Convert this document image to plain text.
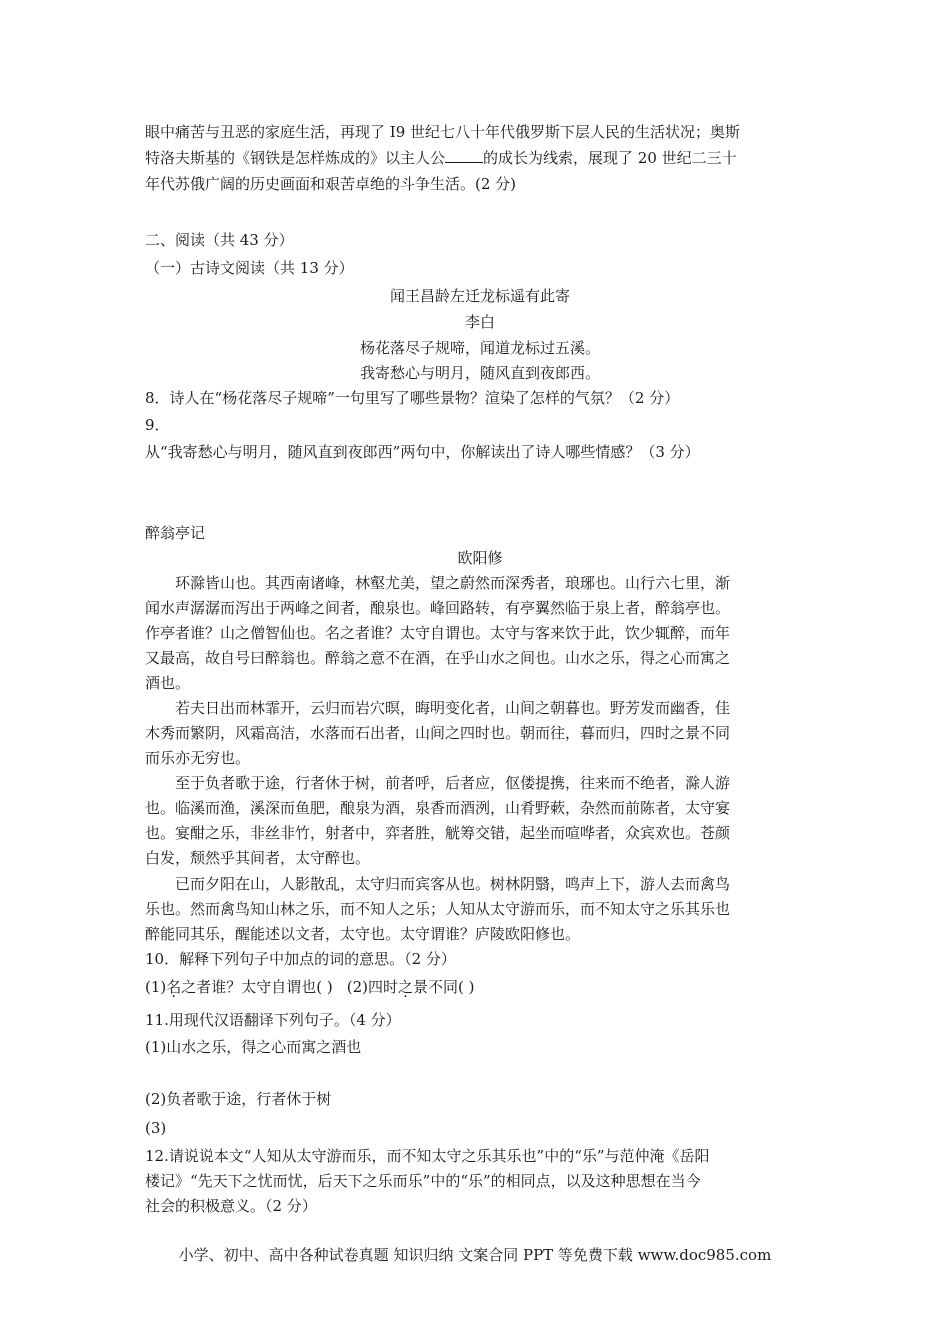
眼中痛苦与丑恶的家庭生活，再现了 I9 世纪七八十年代俄罗斯下层人民的生活状况；奥斯

特洛夫斯基的《钢铁是怎样炼成的》以主人公	的成长为线索，展现了 20 世纪二三十

年代苏俄广阔的历史画面和艰苦卓绝的斗争生活。(2 分)

二、阅读（共 43 分）

（一）古诗文阅读（共 13 分）

闻王昌龄左迁龙标遥有此寄

李白

杨花落尽子规啼，闻道龙标过五溪。

我寄愁心与明月，随风直到夜郎西。

8．诗人在“杨花落尽子规啼”一句里写了哪些景物？渲染了怎样的气氛？（2 分）

9．

从“我寄愁心与明月，随风直到夜郎西”两句中，你解读出了诗人哪些情感？（3 分）

醉翁亭记

欧阳修

环滁皆山也。其西南诸峰，林壑尤美，望之蔚然而深秀者，琅琊也。山行六七里，渐

闻水声潺潺而泻出于两峰之间者，酿泉也。峰回路转，有亭翼然临于泉上者，醉翁亭也。

作亭者谁？山之僧智仙也。名之者谁？太守自谓也。太守与客来饮于此，饮少辄醉，而年

又最高，故自号曰醉翁也。醉翁之意不在酒，在乎山水之间也。山水之乐，得之心而寓之

酒也。

若夫日出而林霏开，云归而岩穴暝，晦明变化者，山间之朝暮也。野芳发而幽香，佳

木秀而繁阴，风霜高洁，水落而石出者，山间之四时也。朝而往，暮而归，四时之景不同

而乐亦无穷也。

至于负者歌于途，行者休于树，前者呼，后者应，伛偻提携，往来而不绝者，滁人游

也。临溪而渔，溪深而鱼肥，酿泉为酒，泉香而酒洌，山肴野蔌，杂然而前陈者，太守宴

也。宴酣之乐，非丝非竹，射者中，弈者胜，觥筹交错，起坐而喧哗者，众宾欢也。苍颜

白发，颓然乎其间者，太守醉也。

已而夕阳在山，人影散乱，太守归而宾客从也。树林阴翳，鸣声上下，游人去而禽鸟

乐也。然而禽鸟知山林之乐，而不知人之乐；人知从太守游而乐，而不知太守之乐其乐也

醉能同其乐，醒能述以文者，太守也。太守谓谁？庐陵欧阳修也。

10．解释下列句子中加点的词的意思。（2 分）

(1)名之者谁？太守自谓也( ) (2)四时之景不同( )

11.用现代汉语翻译下列句子。（4 分）

(1)山水之乐，得之心而寓之酒也

(2)负者歌于途，行者休于树

(3)

12.请说说本文“人知从太守游而乐，而不知太守之乐其乐也”中的“乐”与范仲淹《岳阳

楼记》“先天下之忧而忧，后天下之乐而乐”中的“乐”的相同点，以及这种思想在当今

社会的积极意义。（2 分）

小学、初中、高中各种试卷真题 知识归纳 文案合同 PPT 等免费下载 www.doc985.com
